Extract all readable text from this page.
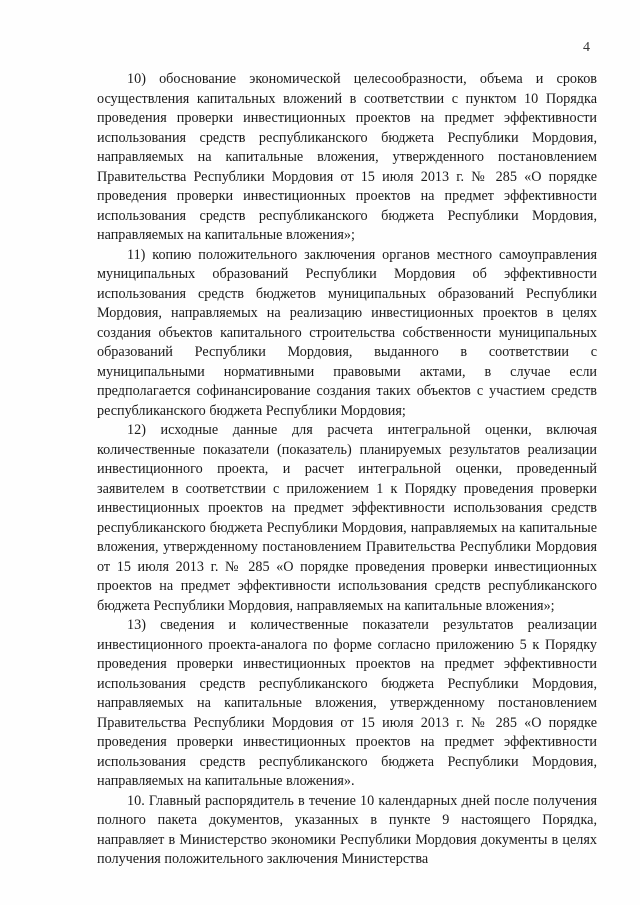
4

10) обоснование экономической целесообразности, объема и сроков осуществления капитальных вложений в соответствии с пунктом 10 Порядка проведения проверки инвестиционных проектов на предмет эффективности использования средств республиканского бюджета Республики Мордовия, направляемых на капитальные вложения, утвержденного постановлением Правительства Республики Мордовия от 15 июля 2013 г. № 285 «О порядке проведения проверки инвестиционных проектов на предмет эффективности использования средств республиканского бюджета Республики Мордовия, направляемых на капитальные вложения»;

11) копию положительного заключения органов местного самоуправления муниципальных образований Республики Мордовия об эффективности использования средств бюджетов муниципальных образований Республики Мордовия, направляемых на реализацию инвестиционных проектов в целях создания объектов капитального строительства собственности муниципальных образований Республики Мордовия, выданного в соответствии с муниципальными нормативными правовыми актами, в случае если предполагается софинансирование создания таких объектов с участием средств республиканского бюджета Республики Мордовия;

12) исходные данные для расчета интегральной оценки, включая количественные показатели (показатель) планируемых результатов реализации инвестиционного проекта, и расчет интегральной оценки, проведенный заявителем в соответствии с приложением 1 к Порядку проведения проверки инвестиционных проектов на предмет эффективности использования средств республиканского бюджета Республики Мордовия, направляемых на капитальные вложения, утвержденному постановлением Правительства Республики Мордовия от 15 июля 2013 г. № 285 «О порядке проведения проверки инвестиционных проектов на предмет эффективности использования средств республиканского бюджета Республики Мордовия, направляемых на капитальные вложения»;

13) сведения и количественные показатели результатов реализации инвестиционного проекта-аналога по форме согласно приложению 5 к Порядку проведения проверки инвестиционных проектов на предмет эффективности использования средств республиканского бюджета Республики Мордовия, направляемых на капитальные вложения, утвержденному постановлением Правительства Республики Мордовия от 15 июля 2013 г. № 285 «О порядке проведения проверки инвестиционных проектов на предмет эффективности использования средств республиканского бюджета Республики Мордовия, направляемых на капитальные вложения».

10. Главный распорядитель в течение 10 календарных дней после получения полного пакета документов, указанных в пункте 9 настоящего Порядка, направляет в Министерство экономики Республики Мордовия документы в целях получения положительного заключения Министерства
